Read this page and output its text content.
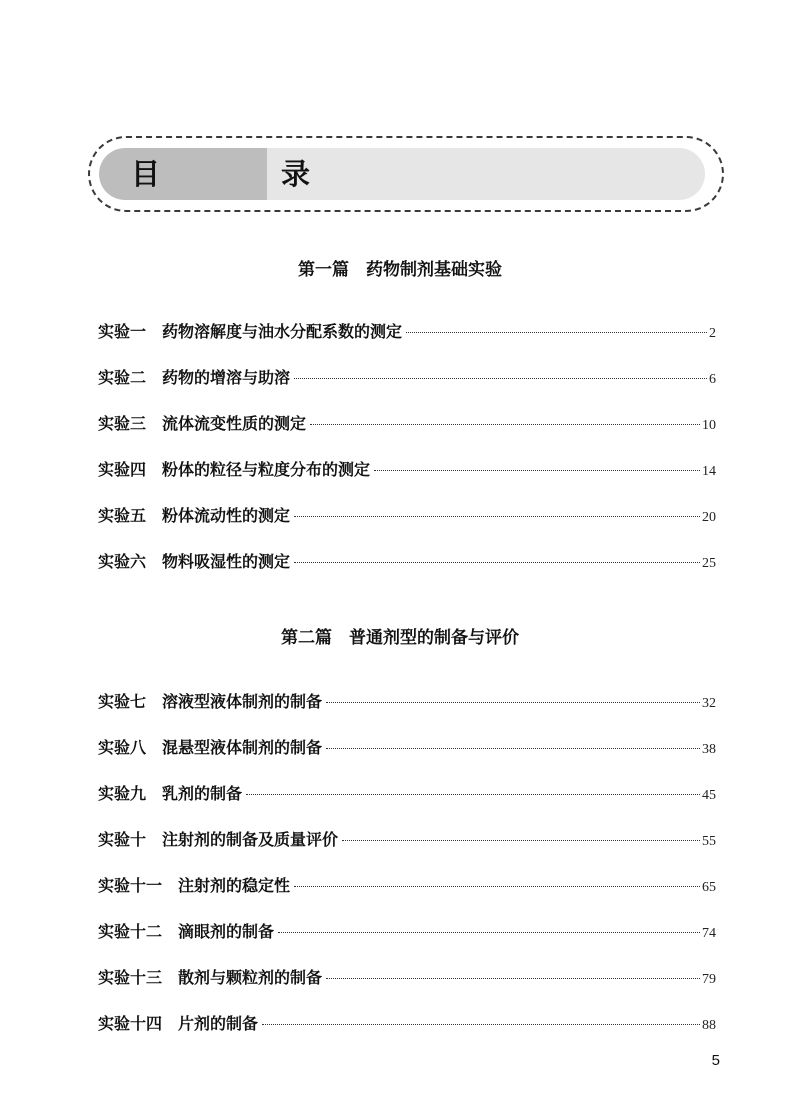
目　录
第一篇　药物制剂基础实验
实验一 药物溶解度与油水分配系数的测定	2
实验二 药物的增溶与助溶	6
实验三 流体流变性质的测定	10
实验四 粉体的粒径与粒度分布的测定	14
实验五 粉体流动性的测定	20
实验六 物料吸湿性的测定	25
第二篇　普通剂型的制备与评价
实验七 溶液型液体制剂的制备	32
实验八 混悬型液体制剂的制备	38
实验九 乳剂的制备	45
实验十 注射剂的制备及质量评价	55
实验十一 注射剂的稳定性	65
实验十二 滴眼剂的制备	74
实验十三 散剂与颗粒剂的制备	79
实验十四 片剂的制备	88
5
